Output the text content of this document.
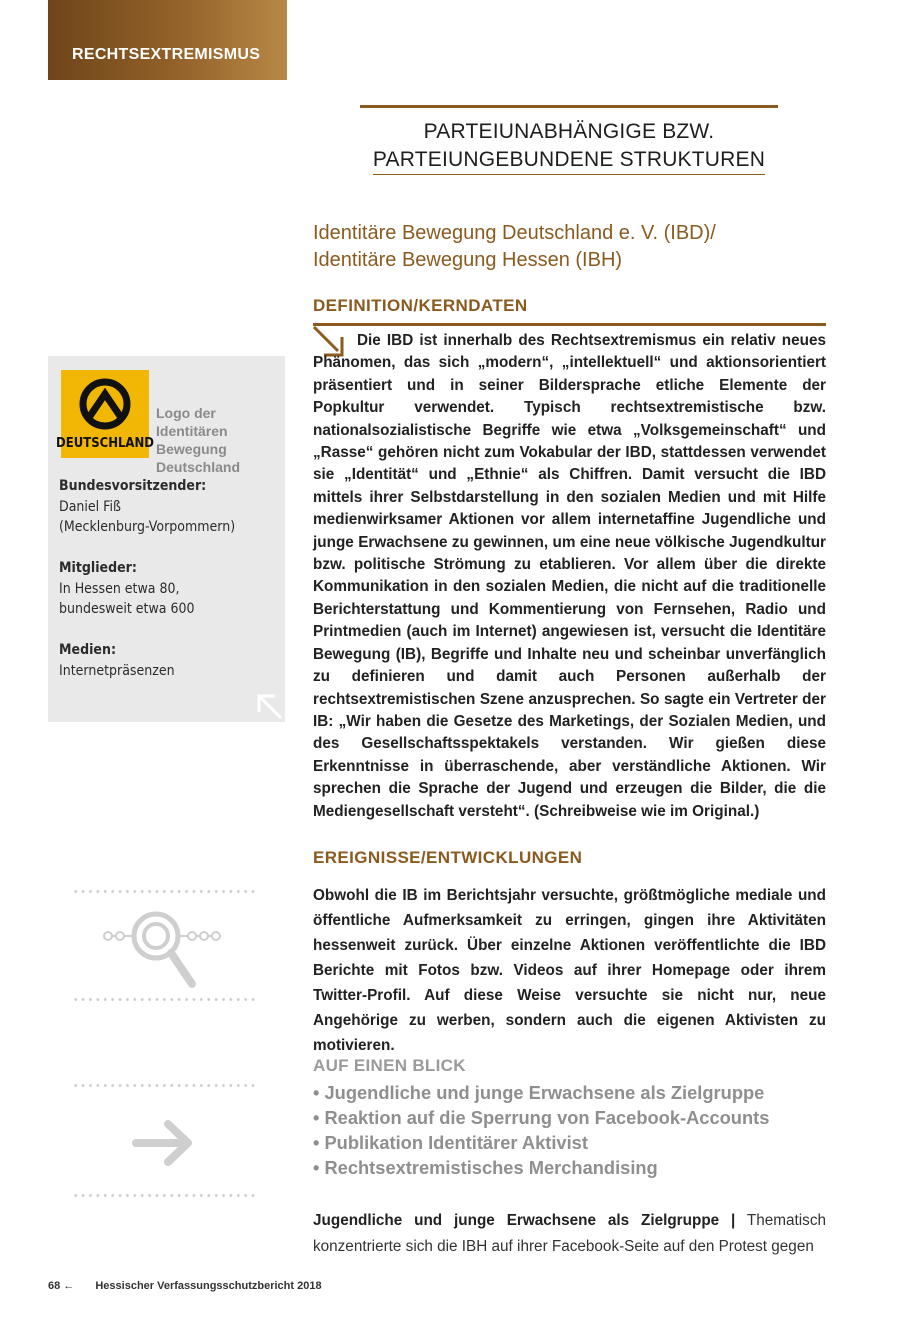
RECHTSEXTREMISMUS
PARTEIUNABHÄNGIGE BZW.
PARTEIUNGEBUNDENE STRUKTUREN
Identitäre Bewegung Deutschland e. V. (IBD)/
Identitäre Bewegung Hessen (IBH)
DEFINITION/KERNDATEN

Die IBD ist innerhalb des Rechtsextremismus ein relativ neues Phänomen, das sich „modern“, „intellektuell“ und aktionsorientiert präsentiert und in seiner Bildersprache etliche Elemente der Popkultur verwendet. Typisch rechtsextremistische bzw. nationalsozialistische Begriffe wie etwa „Volksgemeinschaft“ und „Rasse“ gehören nicht zum Vokabular der IBD, stattdessen verwendet sie „Identität“ und „Ethnie“ als Chiffren. Damit versucht die IBD mittels ihrer Selbstdarstellung in den sozialen Medien und mit Hilfe medienwirksamer Aktionen vor allem internetaffine Jugendliche und junge Erwachsene zu gewinnen, um eine neue völkische Jugendkultur bzw. politische Strömung zu etablieren. Vor allem über die direkte Kommunikation in den sozialen Medien, die nicht auf die traditionelle Berichterstattung und Kommentierung von Fernsehen, Radio und Printmedien (auch im Internet) angewiesen ist, versucht die Identitäre Bewegung (IB), Begriffe und Inhalte neu und scheinbar unverfänglich zu definieren und damit auch Personen außerhalb der rechtsextremistischen Szene anzusprechen. So sagte ein Vertreter der IB: „Wir haben die Gesetze des Marketings, der Sozialen Medien, und des Gesellschaftsspektakels verstanden. Wir gießen diese Erkenntnisse in überraschende, aber verständliche Aktionen. Wir sprechen die Sprache der Jugend und erzeugen die Bilder, die die Mediengesellschaft versteht“. (Schreibweise wie im Original.)

DEUTSCHLAND
Logo der Identitären Bewegung Deutschland
Bundesvorsitzender:
Daniel Fiß
(Mecklenburg-Vorpommern)
Mitglieder:
In Hessen etwa 80,
bundesweit etwa 600
Medien:
Internetpräsenzen
EREIGNISSE/ENTWICKLUNGEN

Obwohl die IB im Berichtsjahr versuchte, größtmögliche mediale und öffentliche Aufmerksamkeit zu erringen, gingen ihre Aktivitäten hessenweit zurück. Über einzelne Aktionen veröffentlichte die IBD Berichte mit Fotos bzw. Videos auf ihrer Homepage oder ihrem Twitter-Profil. Auf diese Weise versuchte sie nicht nur, neue Angehörige zu werben, sondern auch die eigenen Aktivisten zu motivieren.

AUF EINEN BLICK
• Jugendliche und junge Erwachsene als Zielgruppe
• Reaktion auf die Sperrung von Facebook-Accounts
• Publikation Identitärer Aktivist
• Rechtsextremistisches Merchandising

Jugendliche und junge Erwachsene als Zielgruppe | Thematisch konzentrierte sich die IBH auf ihrer Facebook-Seite auf den Protest gegen

68 ← Hessischer Verfassungsschutzbericht 2018
